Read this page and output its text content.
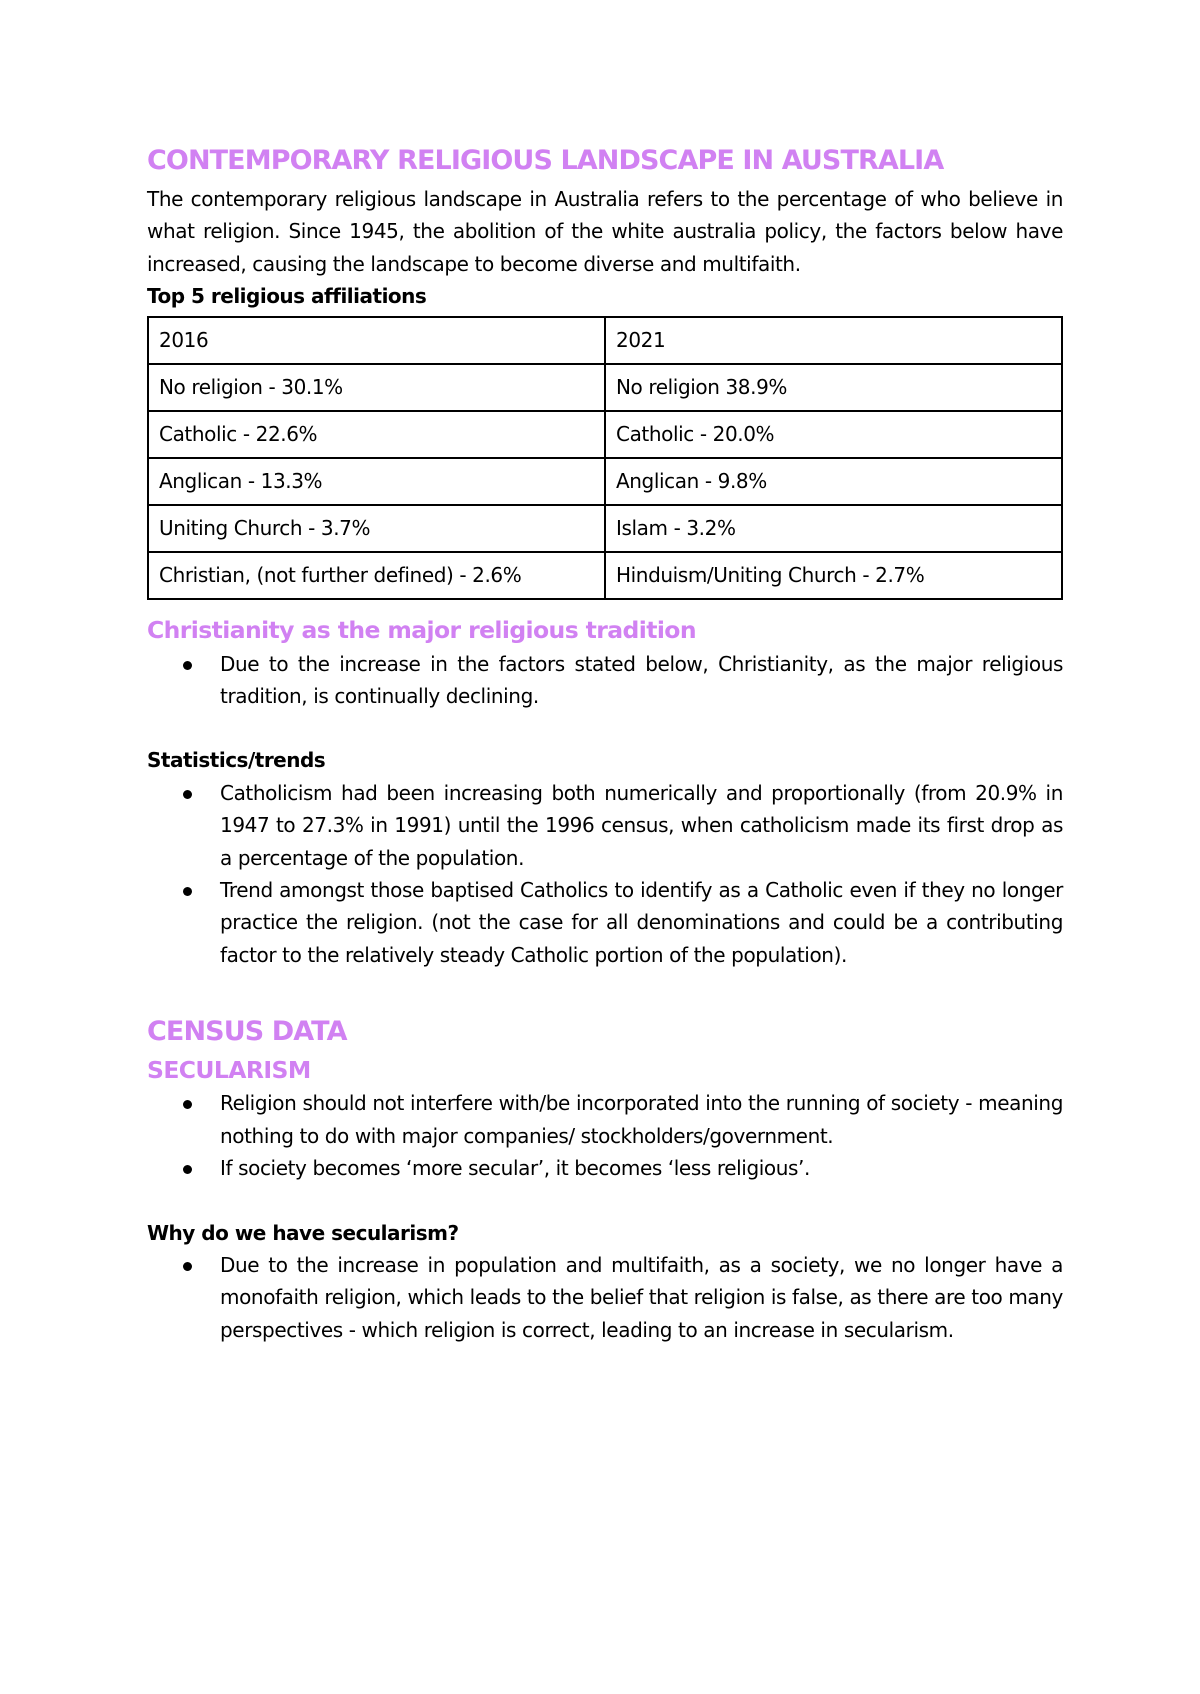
CONTEMPORARY RELIGIOUS LANDSCAPE IN AUSTRALIA

The contemporary religious landscape in Australia refers to the percentage of who believe in what religion. Since 1945, the abolition of the white australia policy, the factors below have increased, causing the landscape to become diverse and multifaith.

Top 5 religious affiliations

2016	2021
No religion - 30.1%	No religion 38.9%
Catholic - 22.6%	Catholic - 20.0%
Anglican - 13.3%	Anglican - 9.8%
Uniting Church - 3.7%	Islam - 3.2%
Christian, (not further defined) - 2.6%	Hinduism/Uniting Church - 2.7%
Christianity as the major religious tradition
Due to the increase in the factors stated below, Christianity, as the major religious tradition, is continually declining.

Statistics/trends

Catholicism had been increasing both numerically and proportionally (from 20.9% in 1947 to 27.3% in 1991) until the 1996 census, when catholicism made its first drop as a percentage of the population.
Trend amongst those baptised Catholics to identify as a Catholic even if they no longer practice the religion. (not the case for all denominations and could be a contributing factor to the relatively steady Catholic portion of the population).
CENSUS DATA
SECULARISM
Religion should not interfere with/be incorporated into the running of society - meaning nothing to do with major companies/ stockholders/government.
If society becomes ‘more secular’, it becomes ‘less religious’.

Why do we have secularism?

Due to the increase in population and multifaith, as a society, we no longer have a monofaith religion, which leads to the belief that religion is false, as there are too many perspectives - which religion is correct, leading to an increase in secularism.
